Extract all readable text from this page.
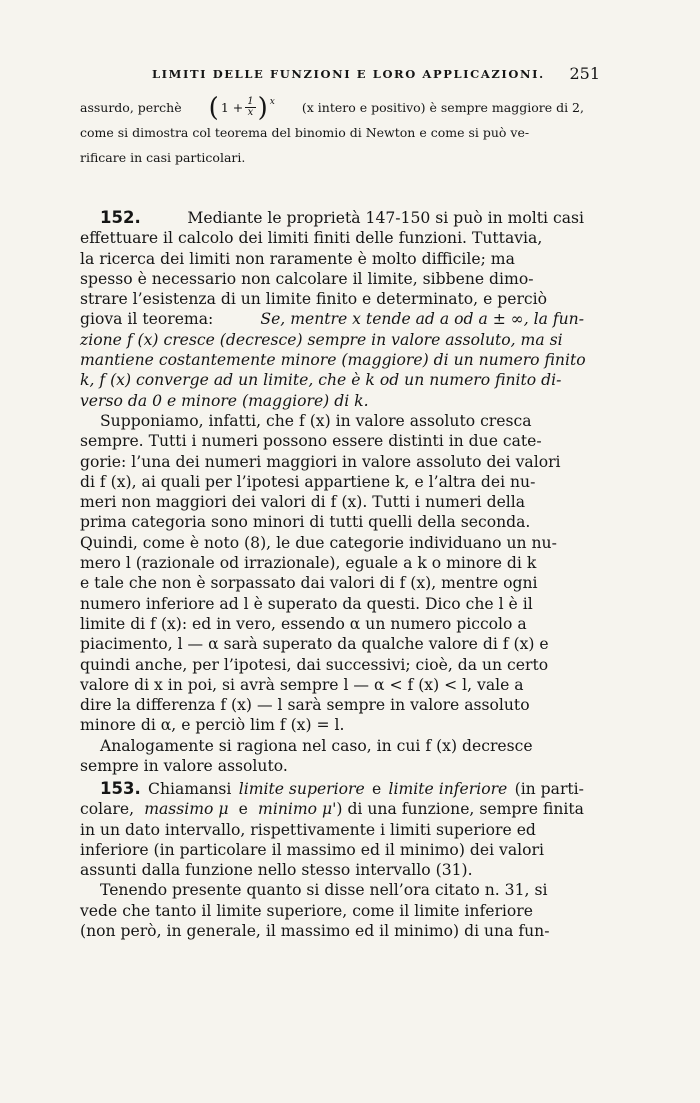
LIMITI DELLE FUNZIONI E LORO APPLICAZIONI. 251
assurdo, perchè ( $1 + \frac{1}{x} )^x$ (x intero e positivo) è sempre maggiore di 2,
come si dimostra col teorema del binomio di Newton e come si può ve-
rificare in casi particolari.
152.	Mediante le proprietà 147-150 si può in molti casi
effettuare il calcolo dei limiti finiti delle funzioni. Tuttavia,
la ricerca dei limiti non raramente è molto difficile; ma
spesso è necessario non calcolare il limite, sibbene dimo-
strare l’esistenza di un limite finito e determinato, e perciò
giova il teorema:	Se, mentre x tende ad a od a ± ∞, la fun-
zione f (x) cresce (decresce) sempre in valore assoluto, ma si
mantiene costantemente minore (maggiore) di un numero finito
k, f (x) converge ad un limite, che è k od un numero finito di-
verso da 0 e minore (maggiore) di k.
Supponiamo, infatti, che f (x) in valore assoluto cresca
sempre. Tutti i numeri possono essere distinti in due cate-
gorie: l’una dei numeri maggiori in valore assoluto dei valori
di f (x), ai quali per l’ipotesi appartiene k, e l’altra dei nu-
meri non maggiori dei valori di f (x). Tutti i numeri della
prima categoria sono minori di tutti quelli della seconda.
Quindi, come è noto (8), le due categorie individuano un nu-
mero l (razionale od irrazionale), eguale a k o minore di k
e tale che non è sorpassato dai valori di f (x), mentre ogni
numero inferiore ad l è superato da questi. Dico che l è il
limite di f (x): ed in vero, essendo α un numero piccolo a
piacimento, l — α sarà superato da qualche valore di f (x) e
quindi anche, per l’ipotesi, dai successivi; cioè, da un certo
valore di x in poi, si avrà sempre l — α < f (x) < l, vale a
dire la differenza f (x) — l sarà sempre in valore assoluto
minore di α, e perciò lim f (x) = l.
Analogamente si ragiona nel caso, in cui f (x) decresce
sempre in valore assoluto.
153. Chiamansi limite superiore e limite inferiore (in parti-
colare, massimo μ e minimo μ') di una funzione, sempre finita
in un dato intervallo, rispettivamente i limiti superiore ed
inferiore (in particolare il massimo ed il minimo) dei valori
assunti dalla funzione nello stesso intervallo (31).
Tenendo presente quanto si disse nell’ora citato n. 31, si
vede che tanto il limite superiore, come il limite inferiore
(non però, in generale, il massimo ed il minimo) di una fun-
